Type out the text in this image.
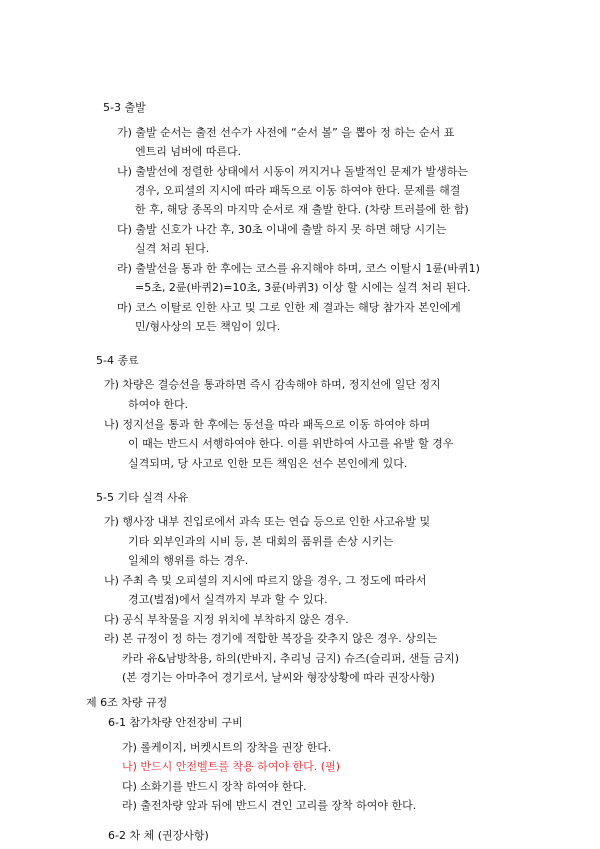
5-3 출발
가) 출발 순서는 출전 선수가 사전에 “순서 볼” 을 뽑아 정 하는 순서 표
엔트리 넘버에 따른다.
나) 출발선에 정렬한 상태에서 시동이 꺼지거나 돌발적인 문제가 발생하는
경우, 오피셜의 지시에 따라 패독으로 이동 하여야 한다. 문제를 해결
한 후, 해당 종목의 마지막 순서로 재 출발 한다. (차량 트러블에 한 함)
다) 출발 신호가 나간 후, 30초 이내에 출발 하지 못 하면 해당 시기는
실격 처리 된다.
라) 출발선을 통과 한 후에는 코스를 유지해야 하며, 코스 이탈시 1륜(바퀴1)
=5초, 2륜(바퀴2)=10초, 3륜(바퀴3) 이상 할 시에는 실격 처리 된다.
마) 코스 이탈로 인한 사고 및 그로 인한 제 결과는 해당 참가자 본인에게
민/형사상의 모든 책임이 있다.
5-4 종료
가) 차량은 결승선을 통과하면 즉시 감속해야 하며, 정지선에 일단 정지
하여야 한다.
나) 정지선을 통과 한 후에는 동선을 따라 패독으로 이동 하여야 하며
이 때는 반드시 서행하여야 한다. 이를 위반하여 사고를 유발 할 경우
실격되며, 당 사고로 인한 모든 책임은 선수 본인에게 있다.
5-5 기타 실격 사유
가) 행사장 내부 진입로에서 과속 또는 연습 등으로 인한 사고유발 및
기타 외부인과의 시비 등, 본 대회의 품위를 손상 시키는
일체의 행위를 하는 경우.
나) 주최 측 및 오피셜의 지시에 따르지 않을 경우, 그 정도에 따라서
경고(벌점)에서 실격까지 부과 할 수 있다.
다) 공식 부착물을 지정 위치에 부착하지 않은 경우.
라) 본 규정이 정 하는 경기에 적합한 복장을 갖추지 않은 경우. 상의는
카라 유&남방착용, 하의(반바지, 추리닝 금지) 슈즈(슬리퍼, 샌들 금지)
(본 경기는 아마추어 경기로서, 날씨와 형장상황에 따라 권장사항)
제 6조 차량 규정
6-1 참가차량 안전장비 구비
가) 롤케이지, 버켓시트의 장착을 권장 한다.
나) 반드시 안전벨트를 착용 하여야 한다. (필)
다) 소화기를 반드시 장착 하여야 한다.
라) 출전차량 앞과 뒤에 반드시 견인 고리를 장착 하여야 한다.
6-2 차 체 (권장사항)
